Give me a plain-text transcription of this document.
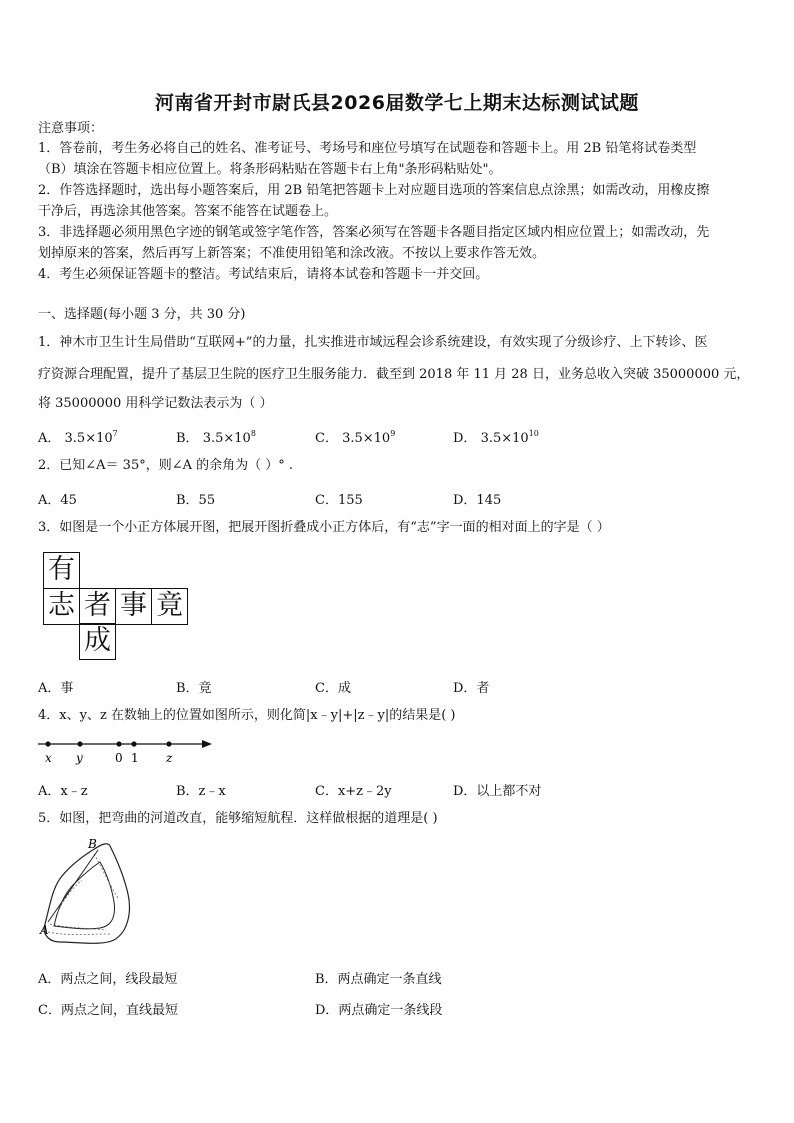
河南省开封市尉氏县2026届数学七上期末达标测试试题
注意事项：
1．答卷前，考生务必将自己的姓名、准考证号、考场号和座位号填写在试题卷和答题卡上。用 2B 铅笔将试卷类型
（B）填涂在答题卡相应位置上。将条形码粘贴在答题卡右上角"条形码粘贴处"。
2．作答选择题时，选出每小题答案后，用 2B 铅笔把答题卡上对应题目选项的答案信息点涂黑；如需改动，用橡皮擦
干净后，再选涂其他答案。答案不能答在试题卷上。
3．非选择题必须用黑色字迹的钢笔或签字笔作答，答案必须写在答题卡各题目指定区域内相应位置上；如需改动，先
划掉原来的答案，然后再写上新答案；不准使用铅笔和涂改液。不按以上要求作答无效。
4．考生必须保证答题卡的整洁。考试结束后，请将本试卷和答题卡一并交回。
一、选择题(每小题 3 分，共 30 分)
1．神木市卫生计生局借助“互联网+”的力量，扎实推进市域远程会诊系统建设，有效实现了分级诊疗、上下转诊、医
疗资源合理配置，提升了基层卫生院的医疗卫生服务能力．截至到 2018 年 11 月 28 日，业务总收入突破 35000000 元，
将 35000000 用科学记数法表示为（ ）
A． $3.5\times 10^7$	B． $3.5\times 10^8$	C． $3.5\times 10^9$	D． $3.5\times 10^{10}$
2．已知∠A＝ 35°，则∠A 的余角为（ ）° .
A．45	B．55	C．155	D．145
3．如图是一个小正方体展开图，把展开图折叠成小正方体后，有“志”字一面的相对面上的字是（ ）
有
志 者 事 竟
成
A．事	B．竟	C．成	D．者
4．x、y、z 在数轴上的位置如图所示，则化简|x﹣y|+|z﹣y|的结果是( )
x y	0 1 z
A．x﹣z	B．z﹣x	C．x+z﹣2y	D．以上都不对
5．如图，把弯曲的河道改直，能够缩短航程．这样做根据的道理是( )
B
A
A．两点之间，线段最短	B．两点确定一条直线
C．两点之间，直线最短	D．两点确定一条线段
